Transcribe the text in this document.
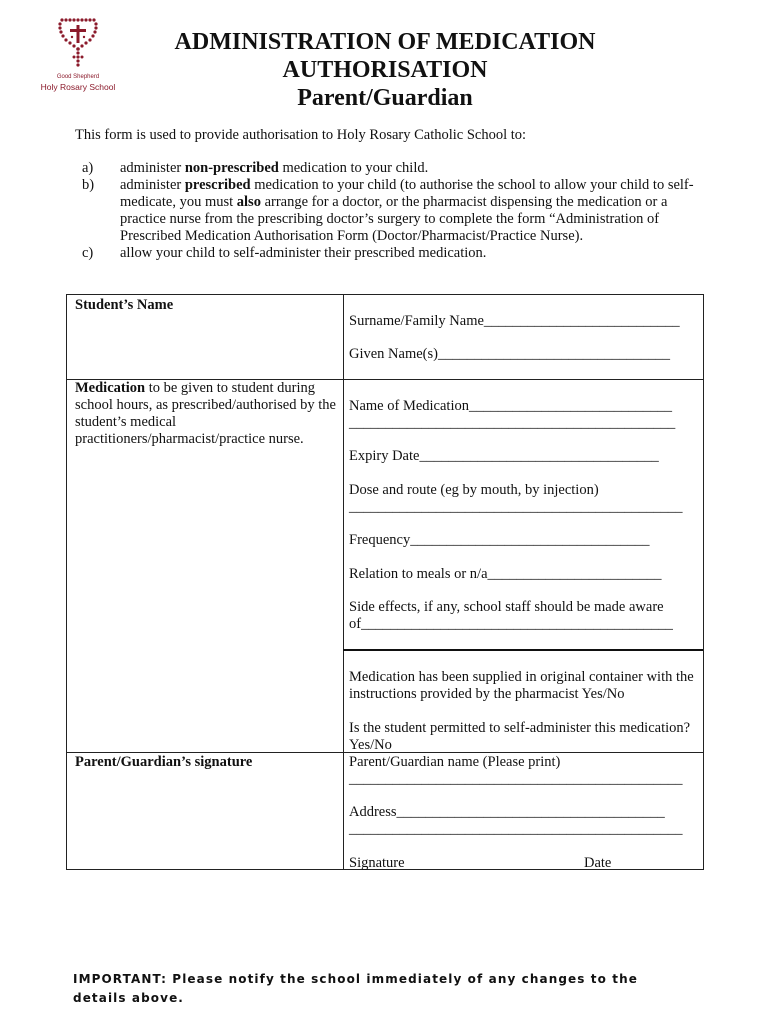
Good Shepherd
Holy Rosary School
ADMINISTRATION OF MEDICATION
AUTHORISATION
Parent/Guardian
This form is used to provide authorisation to Holy Rosary Catholic School to:

a) administer non-prescribed medication to your child.

b) administer prescribed medication to your child (to authorise the school to allow your child to self-medicate, you must also arrange for a doctor, or the pharmacist dispensing the medication or a practice nurse from the prescribing doctor’s surgery to complete the form “Administration of Prescribed Medication Authorisation Form (Doctor/Pharmacist/Practice Nurse).

c) allow your child to self-administer their prescribed medication.

Student’s Name
Surname/Family Name___________________________
Given Name(s)________________________________
Medication to be given to student during school hours, as prescribed/authorised by the student’s medical practitioners/pharmacist/practice nurse.
Name of Medication____________________________
_____________________________________________
Expiry Date_________________________________
Dose and route (eg by mouth, by injection)
______________________________________________
Frequency_________________________________
Relation to meals or n/a________________________
Side effects, if any, school staff should be made aware of___________________________________________
Medication has been supplied in original container with the instructions provided by the pharmacist Yes/No
Is the student permitted to self-administer this medication? Yes/No
Parent/Guardian’s signature	Parent/Guardian name (Please print)
______________________________________________
Address_____________________________________
______________________________________________
Signature	Date
IMPORTANT: Please notify the school immediately of any changes to the details above.
